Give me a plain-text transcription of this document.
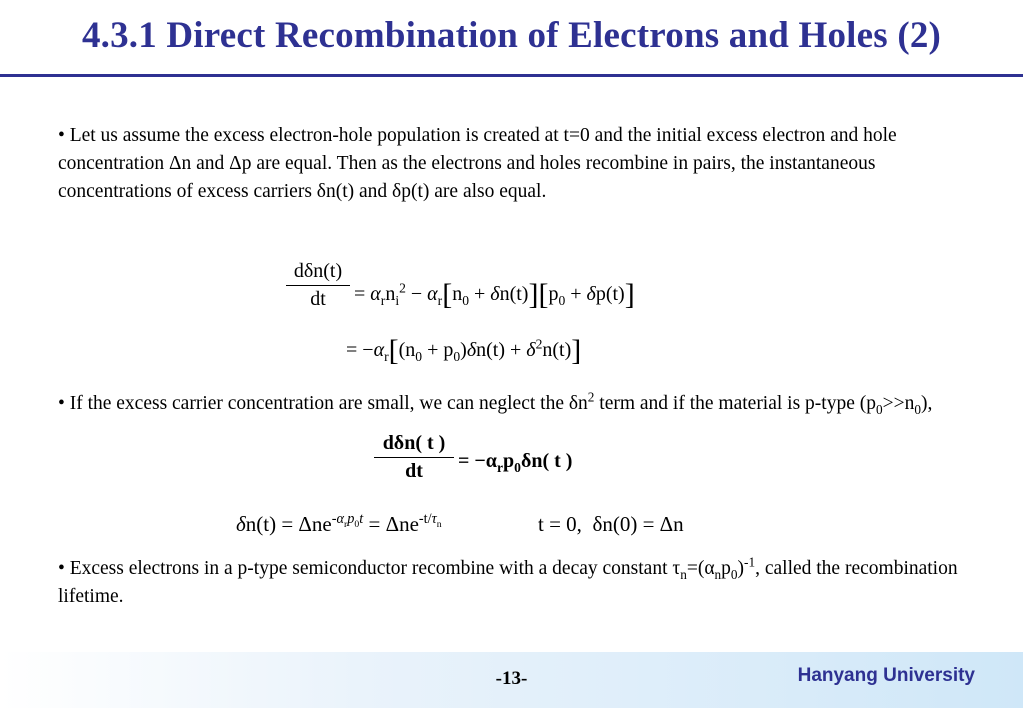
4.3.1 Direct Recombination of Electrons and Holes (2)
• Let us assume the excess electron-hole population is created at t=0 and the initial excess electron and hole concentration Δn and Δp are equal. Then as the electrons and holes recombine in pairs, the instantaneous concentrations of excess carriers δn(t) and δp(t) are also equal.
dδn(t)
dt	= $\alpha_rn_i^2 - \alpha_r[n_0 + \delta n(t)][p_0 + \delta p(t)]$
= $-\alpha_r[(n_0 + p_0)\delta n(t) + \delta^2n(t)]$
• If the excess carrier concentration are small, we can neglect the $\delta n^2$ term and if the material is p-type $(p_0>>n_0)$,
dδn( t )
dt	= $-\alpha_rp_0\delta n$( t )
δn(t) = Δne$^{-\alpha_rp_0t}$ = Δne$^{-t/\tau_n}$	t = 0, δn(0) = Δn
• Excess electrons in a p-type semiconductor recombine with a decay constant $\tau_n=(\alpha_np_0)^{-1}$, called the recombination lifetime.
-13-	Hanyang University
